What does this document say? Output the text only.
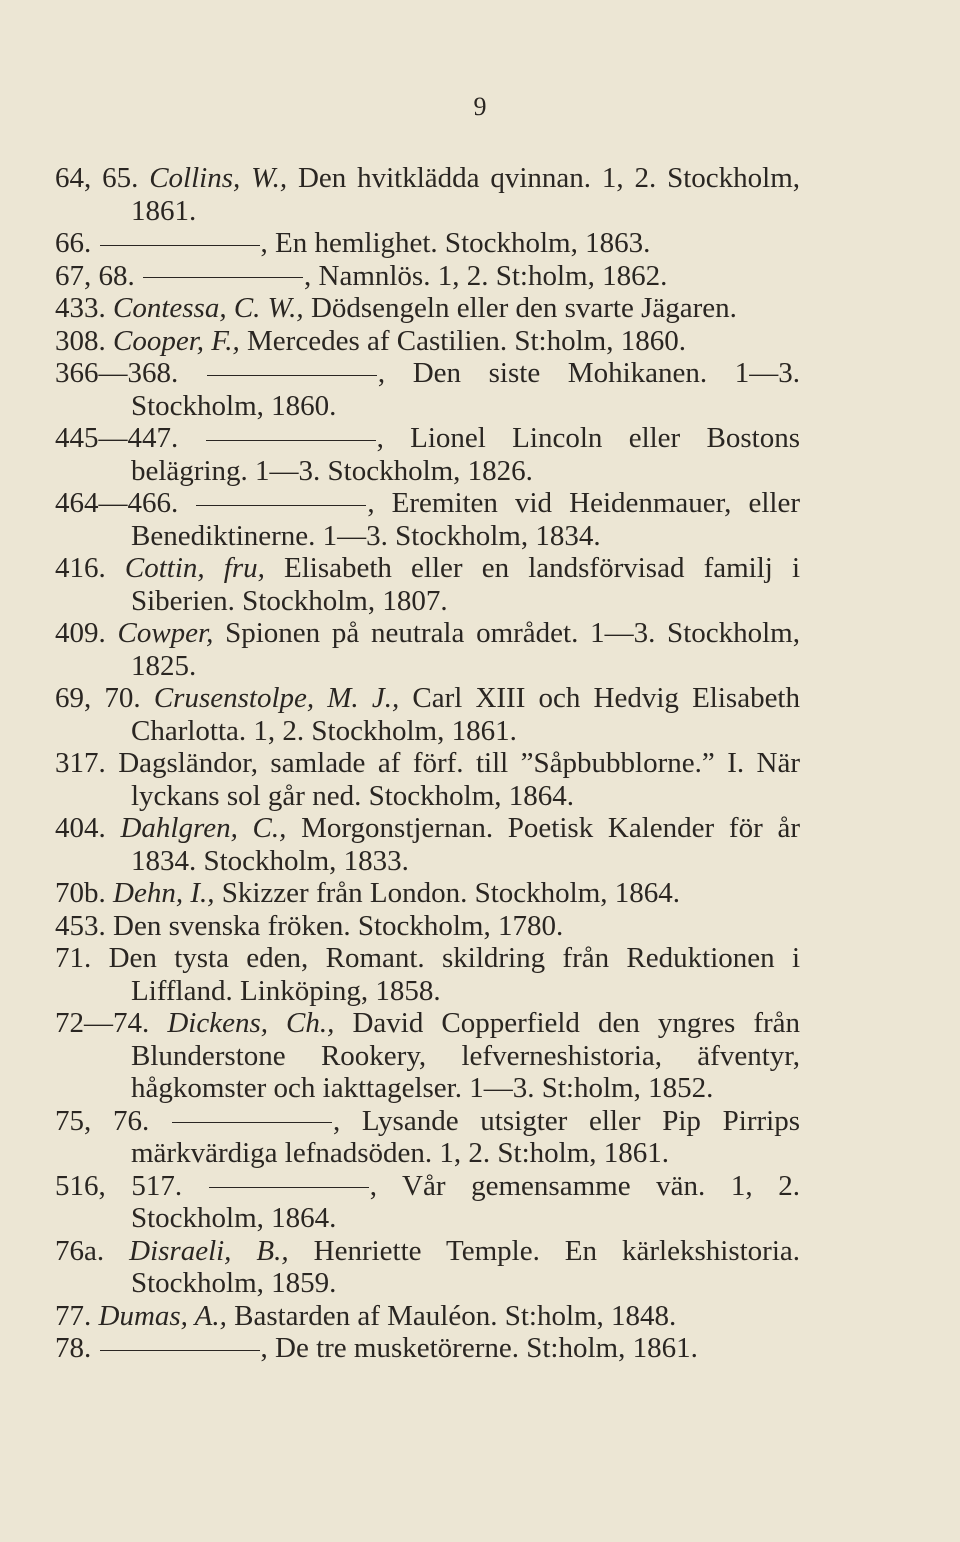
9
64, 65. Collins, W., Den hvitklädda qvinnan. 1, 2. Stockholm, 1861.
66.	, En hemlighet. Stockholm, 1863.
67, 68.	, Namnlös. 1, 2. St:holm, 1862.
433. Contessa, C. W., Dödsengeln eller den svarte Jägaren.
308. Cooper, F., Mercedes af Castilien. St:holm, 1860.
366—368.	, Den siste Mohikanen. 1—3. Stockholm, 1860.
445—447.	, Lionel Lincoln eller Bostons belägring. 1—3. Stockholm, 1826.
464—466.	, Eremiten vid Heidenmauer, eller Benediktinerne. 1—3. Stockholm, 1834.
416. Cottin, fru, Elisabeth eller en landsförvisad familj i Siberien. Stockholm, 1807.
409. Cowper, Spionen på neutrala området. 1—3. Stockholm, 1825.
69, 70. Crusenstolpe, M. J., Carl XIII och Hedvig Elisabeth Charlotta. 1, 2. Stockholm, 1861.
317. Dagsländor, samlade af förf. till ”Såpbubblorne.” I. När lyckans sol går ned. Stockholm, 1864.
404. Dahlgren, C., Morgonstjernan. Poetisk Kalender för år 1834. Stockholm, 1833.
70b. Dehn, I., Skizzer från London. Stockholm, 1864.
453. Den svenska fröken. Stockholm, 1780.
71. Den tysta eden, Romant. skildring från Reduktionen i Liffland. Linköping, 1858.
72—74. Dickens, Ch., David Copperfield den yngres från Blunderstone Rookery, lefverneshistoria, äfventyr, hågkomster och iakttagelser. 1—3. St:holm, 1852.
75, 76.	, Lysande utsigter eller Pip Pirrips märkvärdiga lefnadsöden. 1, 2. St:holm, 1861.
516, 517.	, Vår gemensamme vän. 1, 2. Stockholm, 1864.
76a. Disraeli, B., Henriette Temple. En kärlekshistoria. Stockholm, 1859.
77. Dumas, A., Bastarden af Mauléon. St:holm, 1848.
78.	, De tre musketörerne. St:holm, 1861.
